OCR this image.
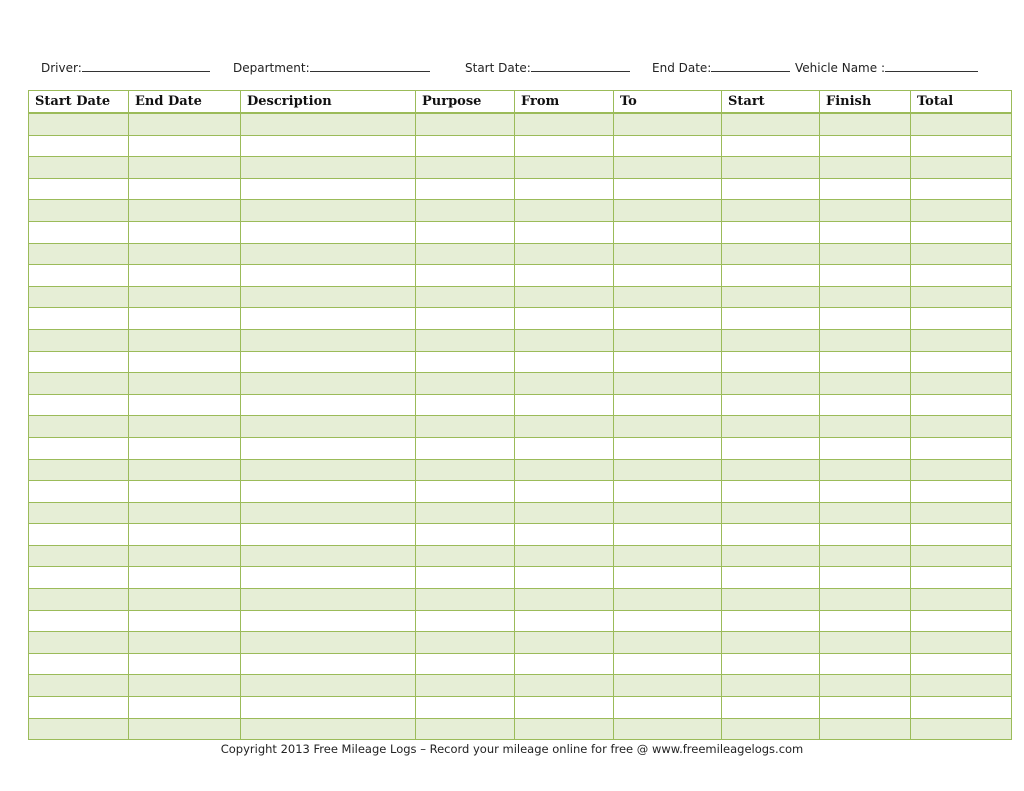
Driver:	Department:	Start Date:	End Date:	Vehicle Name :
Start Date	End Date	Description	Purpose	From	To	Start	Finish	Total

Copyright 2013 Free Mileage Logs – Record your mileage online for free @ www.freemileagelogs.com
